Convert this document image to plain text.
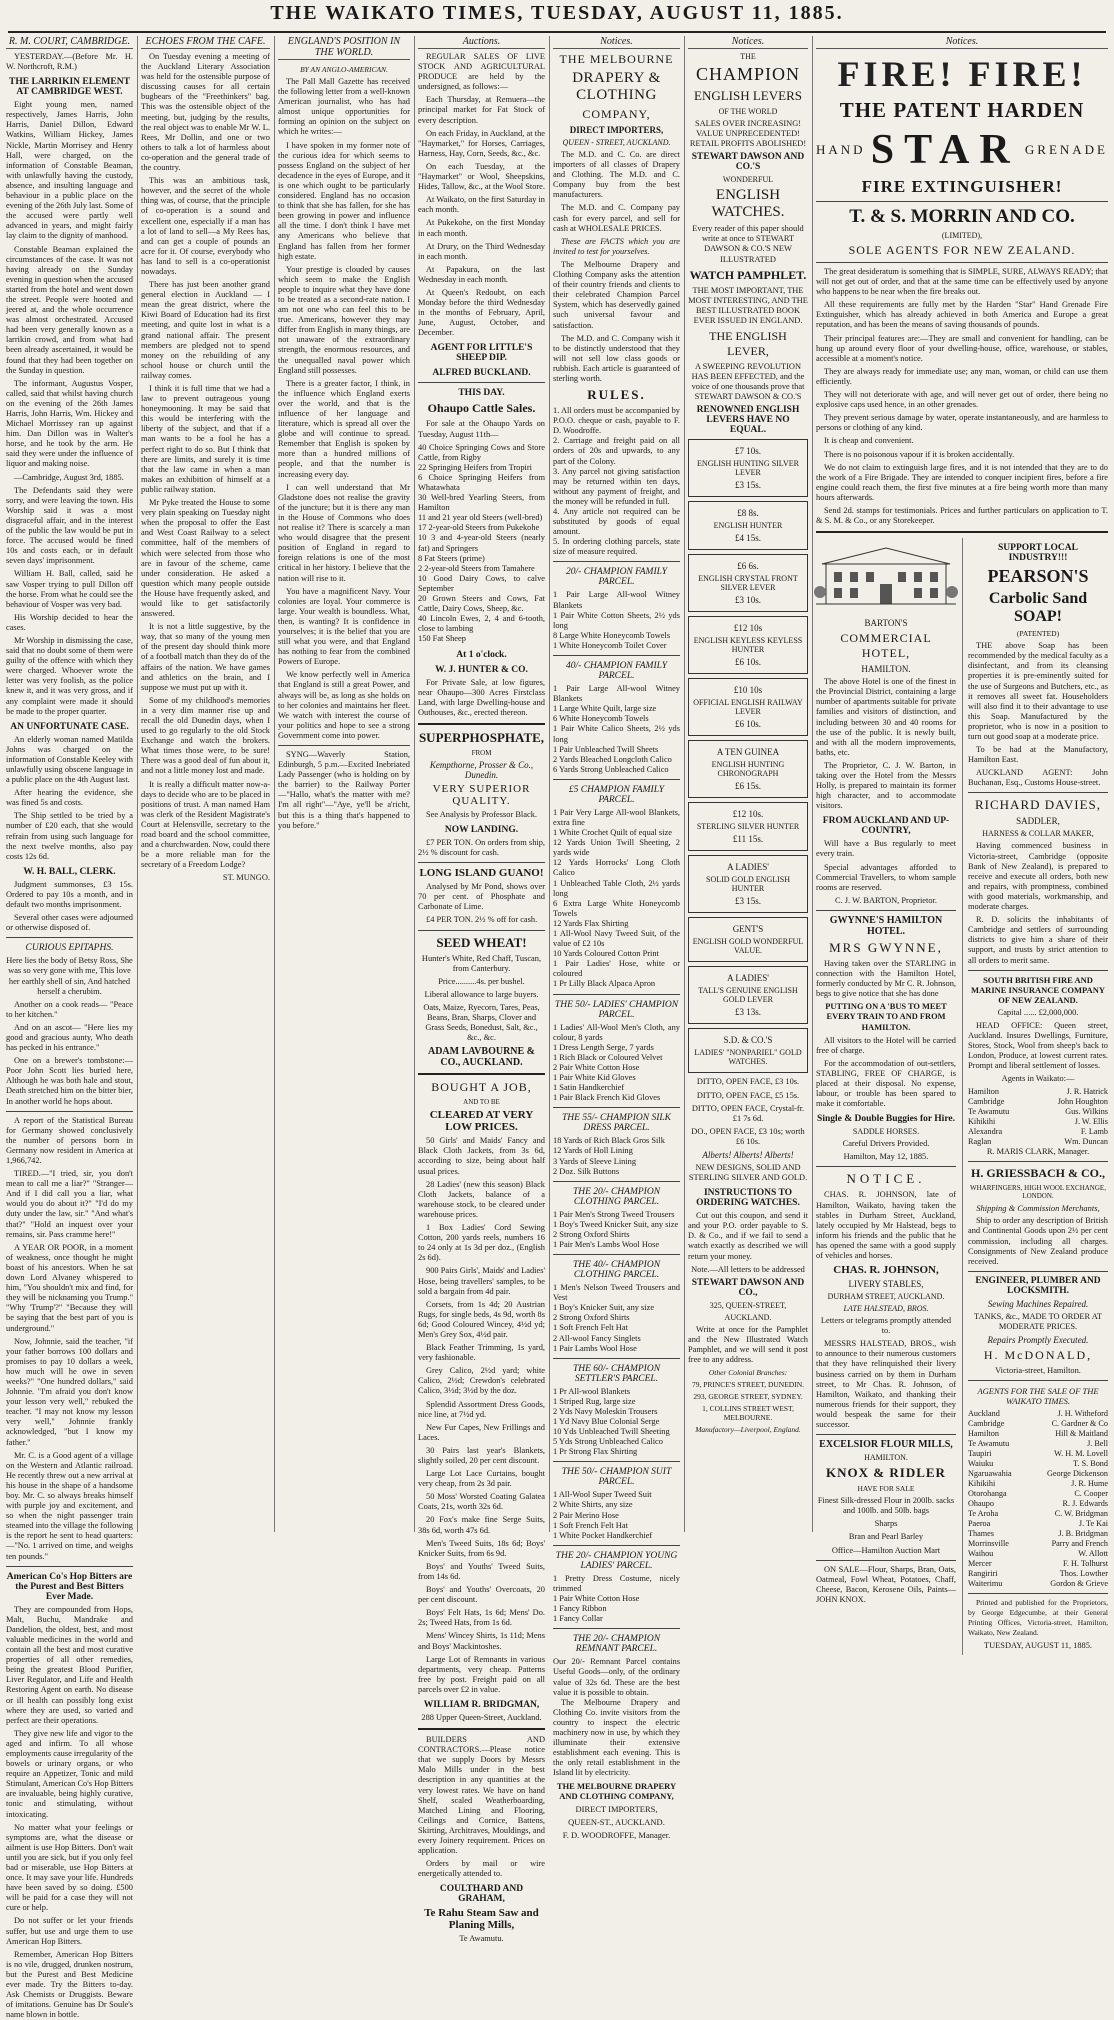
THE WAIKATO TIMES, TUESDAY, AUGUST 11, 1885.
R. M. COURT, CAMBRIDGE.

YESTERDAY.—(Before Mr. H. W. Northcroft, R.M.)

THE LARRIKIN ELEMENT AT CAMBRIDGE WEST.

Eight young men, named respectively, James Harris, John Harris, Daniel Dillon, Edward Watkins, William Hickey, James Nickle, Martin Morrisey and Henry Hall, were charged, on the information of Constable Beaman, with unlawfully having the custody, absence, and insulting language and behaviour in a public place on the evening of the 26th July last. Some of the accused were partly well advanced in years, and might fairly lay claim to the dignity of manhood.

Constable Beaman explained the circumstances of the case. It was not having already on the Sunday evening in question when the accused started from the hotel and went down the street. People were hooted and jeered at, and the whole occurrence was almost orchestrated. Accused had been very generally known as a larrikin crowd, and from what had been already ascertained, it would be found that they had been together on the Sunday in question.

The informant, Augustus Vosper, called, said that whilst having church on the evening of the 26th James Harris, John Harris, Wm. Hickey and Michael Morrissey ran up against him. Dan Dillon was in Walter's horse, and he took by the arm. He said they were under the influence of liquor and making noise.

—Cambridge, August 3rd, 1885.

The Defendants said they were sorry, and were leaving the town. His Worship said it was a most disgraceful affair, and in the interest of the public the law would be put in force. The accused would be fined 10s and costs each, or in default seven days' imprisonment.

William H. Ball, called, said he saw Vosper trying to pull Dillon off the horse. From what he could see the behaviour of Vosper was very bad.

His Worship decided to hear the cases.

Mr Worship in dismissing the case, said that no doubt some of them were guilty of the offence with which they were charged. Whoever wrote the letter was very foolish, as the police knew it, and it was very gross, and if any complaint were made it should be made to the proper quarter.

AN UNFORTUNATE CASE.

An elderly woman named Matilda Johns was charged on the information of Constable Keeley with unlawfully using obscene language in a public place on the 4th August last.

After hearing the evidence, she was fined 5s and costs.

The Ship settled to be tried by a number of £20 each, that she would refrain from using such language for the next twelve months, also pay costs 12s 6d.

W. H. BALL, CLERK.

Judgment summonses, £3 15s. Ordered to pay 10s a month, and in default two months imprisonment.

Several other cases were adjourned or otherwise disposed of.

CURIOUS EPITAPHS.

Here lies the body of Betsy Ross, She was so very gone with me, This love her earthly shell of sin, And hatched herself a cherubim.

Another on a cook reads— "Peace to her kitchen."

And on an ascot— "Here lies my good and gracious aunty, Who death has pecked in his entrance."

One on a brewer's tombstone:— Poor John Scott lies buried here, Although he was both hale and stout, Death stretched him on the bitter bier, In another world he hops about.

A report of the Statistical Bureau for Germany showed conclusively the number of persons born in Germany now resident in America at 1,966,742.

TIRED.—"I tried, sir, you don't mean to call me a liar?" "Stranger—And if I did call you a liar, what would you do about it?" "I'd do my duty under the law, sir." "And what's that?" "Hold an inquest over your remains, sir. Pass cramme here!"

A YEAR OR POOR, in a moment of weakness, once thought he might boast of his ancestors. When he sat down Lord Alvaney whispered to him, "You shouldn't mix and find, for they will be nicknaming you Trump." "Why 'Trump'?" "Because they will be saying that the best part of you is underground."

Now, Johnnie, said the teacher, "if your father borrows 100 dollars and promises to pay 10 dollars a week, how much will he owe in seven weeks?" "One hundred dollars," said Johnnie. "I'm afraid you don't know your lesson very well," rebuked the teacher. "I may not know my lesson very well," Johnnie frankly acknowledged, "but I know my father."

Mr. C. is a Good agent of a village on the Western and Atlantic railroad. He recently threw out a new arrival at his house in the shape of a handsome boy. Mr. C. so always breaks himself with purple joy and excitement, and so when the night passenger train steamed into the village the following is the report he sent to head quarters:—"No. 1 arrived on time, and weighs ten pounds."

American Co's Hop Bitters are the Purest and Best Bitters Ever Made.

They are compounded from Hops, Malt, Buchu, Mandrake and Dandelion, the oldest, best, and most valuable medicines in the world and contain all the best and most curative properties of all other remedies, being the greatest Blood Purifier, Liver Regulator, and Life and Health Restoring Agent on earth. No disease or ill health can possibly long exist where they are used, so varied and perfect are their operations.

They give new life and vigor to the aged and infirm. To all whose employments cause irregularity of the bowels or urinary organs, or who require an Appetizer, Tonic and mild Stimulant, American Co's Hop Bitters are invaluable, being highly curative, tonic and stimulating, without intoxicating.

No matter what your feelings or symptoms are, what the disease or ailment is use Hop Bitters. Don't wait until you are sick, but if you only feel bad or miserable, use Hop Bitters at once. It may save your life. Hundreds have been saved by so doing. £500 will be paid for a case they will not cure or help.

Do not suffer or let your friends suffer, but use and urge them to use American Hop Bitters.

Remember, American Hop Bitters is no vile, drugged, drunken nostrum, but the Purest and Best Medicine ever made. Try the Bitters to-day. Ask Chemists or Druggists. Beware of imitations. Genuine has Dr Soule's name blown in bottle.

ECHOES FROM THE CAFE.

On Tuesday evening a meeting of the Auckland Literary Association was held for the ostensible purpose of discussing causes for all certain bugbears of the "Freethinkers" bag. This was the ostensible object of the meeting, but, judging by the results, the real object was to enable Mr W. L. Rees, Mr Dollin, and one or two others to talk a lot of harmless about co-operation and the general trade of the country.

This was an ambitious task, however, and the secret of the whole thing was, of course, that the principle of co-operation is a sound and excellent one, especially if a man has a lot of land to sell—a My Rees has, and can get a couple of pounds an acre for it. Of course, everybody who has land to sell is a co-operationist nowadays.

There has just been another grand general election in Auckland — I mean the great district, where the Kiwi Board of Education had its first meeting, and quite lost in what is a grand national affair. The present members are pledged not to spend money on the rebuilding of any school house or church until the railway comes.

I think it is full time that we had a law to prevent outrageous young honeymooning. It may be said that this would be interfering with the liberty of the subject, and that if a man wants to be a fool he has a perfect right to do so. But I think that there are limits, and surely it is time that the law came in when a man makes an exhibition of himself at a public railway station.

Mr Pyke treated the House to some very plain speaking on Tuesday night when the proposal to offer the East and West Coast Railway to a select committee, half of the members of which were selected from those who are in favour of the scheme, came under consideration. He asked a question which many people outside the House have frequently asked, and would like to get satisfactorily answered.

It is not a little suggestive, by the way, that so many of the young men of the present day should think more of a football match than they do of the affairs of the nation. We have games and athletics on the brain, and I suppose we must put up with it.

Some of my childhood's memories in a very dim manner rise up and recall the old Dunedin days, when I used to go regularly to the old Stock Exchange and watch the brokers. What times those were, to be sure! There was a good deal of fun about it, and not a little money lost and made.

It is really a difficult matter now-a-days to decide who are to be placed in positions of trust. A man named Ham was clerk of the Resident Magistrate's Court at Helensville, secretary to the road board and the school committee, and a churchwarden. Now, could there be a more reliable man for the secretary of a Freedom Lodge?

ST. MUNGO.

ENGLAND'S POSITION IN THE WORLD.
BY AN ANGLO-AMERICAN.

The Pall Mall Gazette has received the following letter from a well-known American journalist, who has had almost unique opportunities for forming an opinion on the subject on which he writes:—

I have spoken in my former note of the curious idea for which seems to possess England on the subject of her decadence in the eyes of Europe, and it is one which ought to be particularly considered. England has no occasion to think that she has fallen, for she has been growing in power and influence all the time. I don't think I have met any Americans who believe that England has fallen from her former high estate.

Your prestige is clouded by causes which seem to make the English people to inquire what they have done to be treated as a second-rate nation. I am not one who can feel this to be true. Americans, however they may differ from English in many things, are not unaware of the extraordinary strength, the enormous resources, and the unequalled naval power which England still possesses.

There is a greater factor, I think, in the influence which England exerts over the world, and that is the influence of her language and literature, which is spread all over the globe and will continue to spread. Remember that English is spoken by more than a hundred millions of people, and that the number is increasing every day.

I can well understand that Mr Gladstone does not realise the gravity of the juncture; but it is there any man in the House of Commons who does not realise it? There is scarcely a man who would disagree that the present position of England in regard to foreign relations is one of the most critical in her history. I believe that the nation will rise to it.

You have a magnificent Navy. Your colonies are loyal. Your commerce is large. Your wealth is boundless. What, then, is wanting? It is confidence in yourselves; it is the belief that you are still what you were, and that England has nothing to fear from the combined Powers of Europe.

We know perfectly well in America that England is still a great Power, and always will be, as long as she holds on to her colonies and maintains her fleet. We watch with interest the course of your politics and hope to see a strong Government come into power.

SYNG—Waverly Station, Edinburgh, 5 p.m.—Excited Inebriated Lady Passenger (who is holding on by the barrier) to the Railway Porter—"Hallo, what's the matter with me? I'm all right"—"Aye, ye'll be a'richt, but this is a thing that's happened to you before."

Auctions.

REGULAR SALES OF LIVE STOCK AND AGRICULTURAL PRODUCE are held by the undersigned, as follows:—

Each Thursday, at Remuera—the principal market for Fat Stock of every description.

On each Friday, in Auckland, at the "Haymarket," for Horses, Carriages, Harness, Hay, Corn, Seeds, &c., &c.

On each Tuesday, at the "Haymarket" or Wool, Sheepskins, Hides, Tallow, &c., at the Wool Store.

At Waikato, on the first Saturday in each month.

At Pukekohe, on the first Monday in each month.

At Drury, on the Third Wednesday in each month.

At Papakura, on the last Wednesday in each month.

At Queen's Redoubt, on each Monday before the third Wednesday in the months of February, April, June, August, October, and December.

AGENT FOR LITTLE'S SHEEP DIP.
ALFRED BUCKLAND.
THIS DAY.
Ohaupo Cattle Sales.

For sale at the Ohaupo Yards on Tuesday, August 11th—

40 Choice Springing Cows and Store Cattle, from Rigby

22 Springing Heifers from Tropiri

6 Choice Springing Heifers from Whatawhata

30 Well-bred Yearling Steers, from Hamilton

11 and 21 year old Steers (well-bred)

17 2-year-old Steers from Pukekohe

10 3 and 4-year-old Steers (nearly fat) and Springers

8 Fat Steers (prime)

2 2-year-old Steers from Tamahere

10 Good Dairy Cows, to calve September

20 Grown Steers and Cows, Fat Cattle, Dairy Cows, Sheep, &c.

40 Lincoln Ewes, 2, 4 and 6-tooth, close to lambing

150 Fat Sheep

At 1 o'clock.
W. J. HUNTER & CO.

For Private Sale, at low figures, near Ohaupo—300 Acres Firstclass Land, with large Dwelling-house and Outhouses, &c., erected thereon.

SUPERPHOSPHATE,
FROM
Kempthorne, Prosser & Co., Dunedin.
VERY SUPERIOR QUALITY.

See Analysis by Professor Black.

NOW LANDING.

£7 PER TON. On orders from ship, 2½ % discount for cash.

LONG ISLAND GUANO!

Analysed by Mr Pond, shows over 70 per cent. of Phosphate and Carbonate of Lime.

£4 PER TON. 2½ % off for cash.

SEED WHEAT!

Hunter's White, Red Chaff, Tuscan, from Canterbury.

Price..........4s. per bushel.

Liberal allowance to large buyers.

Oats, Maize, Ryecorn, Tares, Peas, Beans, Bran, Sharps, Clover and Grass Seeds, Bonedust, Salt, &c., &c., &c.

ADAM LAVBOURNE & CO., AUCKLAND.
BOUGHT A JOB,
AND TO BE
CLEARED AT VERY LOW PRICES.

50 Girls' and Maids' Fancy and Black Cloth Jackets, from 3s 6d, according to size, being about half usual prices.

28 Ladies' (new this season) Black Cloth Jackets, balance of a warehouse stock, to be cleared under warehouse prices.

1 Box Ladies' Cord Sewing Cotton, 200 yards reels, numbers 16 to 24 only at 1s 3d per doz., (English 2s 6d).

900 Pairs Girls', Maids' and Ladies' Hose, being travellers' samples, to be sold a bargain from 4d pair.

Corsets, from 1s 4d; 20 Austrian Rugs, for single beds, 4s 9d, worth 8s 6d; Good Coloured Wincey, 4½d yd; Men's Grey Sox, 4½d pair.

Black Feather Trimming, 1s yard, very fashionable.

Grey Calico, 2½d yard; white Calico, 2½d; Crewdon's celebrated Calico, 3½d; 3½d by the doz.

Splendid Assortment Dress Goods, nice line, at 7½d yd.

New Fur Capes, New Frillings and Laces.

30 Pairs last year's Blankets, slightly soiled, 20 per cent discount.

Large Lot Lace Curtains, bought very cheap, from 2s 3d pair.

50 Moss' Worsted Coating Galatea Coats, 21s, worth 32s 6d.

20 Fox's make fine Serge Suits, 38s 6d, worth 47s 6d.

Men's Tweed Suits, 18s 6d; Boys' Knicker Suits, from 6s 9d.

Boys' and Youths' Tweed Suits, from 14s 6d.

Boys' and Youths' Overcoats, 20 per cent discount.

Boys' Felt Hats, 1s 6d; Mens' Do. 2s; Tweed Hats, from 1s 6d.

Mens' Wincey Shirts, 1s 11d; Mens and Boys' Mackintoshes.

Large Lot of Remnants in various departments, very cheap. Patterns free by post. Freight paid on all parcels over £2 in value.

WILLIAM R. BRIDGMAN,

288 Upper Queen-Street, Auckland.

BUILDERS AND CONTRACTORS.—Please notice that we supply Doors by Messrs Malo Mills under in the best description in any quantities at the very lowest rates. We have on hand Shelf, scaled Weatherboarding, Matched Lining and Flooring, Ceilings and Cornice, Battens, Skirting, Architraves, Mouldings, and every Joinery requirement. Prices on application.

Orders by mail or wire energetically attended to.

COULTHARD AND GRAHAM,
Te Rahu Steam Saw and Planing Mills,

Te Awamutu.

Notices.
THE MELBOURNE
DRAPERY & CLOTHING
COMPANY,
DIRECT IMPORTERS,
QUEEN - STREET, AUCKLAND.

The M.D. and C. Co. are direct importers of all classes of Drapery and Clothing. The M.D. and C. Company buy from the best manufacturers.

The M.D. and C. Company pay cash for every parcel, and sell for cash at WHOLESALE PRICES.

These are FACTS which you are invited to test for yourselves.

The Melbourne Drapery and Clothing Company asks the attention of their country friends and clients to their celebrated Champion Parcel System, which has deservedly gained such universal favour and satisfaction.

The M.D. and C. Company wish it to be distinctly understood that they will not sell low class goods or rubbish. Each article is guaranteed of sterling worth.

RULES.

1. All orders must be accompanied by P.O.O. cheque or cash, payable to F. D. Woodroffe.

2. Carriage and freight paid on all orders of 20s and upwards, to any part of the Colony.

3. Any parcel not giving satisfaction may be returned within ten days, without any payment of freight, and the money will be refunded in full.

4. Any article not required can be substituted by goods of equal amount.

5. In ordering clothing parcels, state size of measure required.

20/- CHAMPION FAMILY PARCEL.

1 Pair Large All-wool Witney Blankets

1 Pair White Cotton Sheets, 2½ yds long

8 Large White Honeycomb Towels

1 White Honeycomb Toilet Cover

40/- CHAMPION FAMILY PARCEL.

1 Pair Large All-wool Witney Blankets

1 Large White Quilt, large size

6 White Honeycomb Towels

1 Pair White Calico Sheets, 2½ yds long

1 Pair Unbleached Twill Sheets

2 Yards Bleached Longcloth Calico

6 Yards Strong Unbleached Calico

£5 CHAMPION FAMILY PARCEL.

1 Pair Very Large All-wool Blankets, extra fine

1 White Crochet Quilt of equal size

12 Yards Union Twill Sheeting, 2 yards wide

12 Yards Horrocks' Long Cloth Calico

1 Unbleached Table Cloth, 2½ yards long

6 Extra Large White Honeycomb Towels

12 Yards Flax Shirting

1 All-Wool Navy Tweed Suit, of the value of £2 10s

10 Yards Coloured Cotton Print

1 Pair Ladies' Hose, white or coloured

1 Pr Lilly Black Alpaca Apron

THE 50/- LADIES' CHAMPION PARCEL.

1 Ladies' All-Wool Men's Cloth, any colour, 8 yards

1 Dress Length Serge, 7 yards

1 Rich Black or Coloured Velvet

2 Pair White Cotton Hose

1 Pair White Kid Gloves

1 Satin Handkerchief

1 Pair Black French Kid Gloves

THE 55/- CHAMPION SILK DRESS PARCEL.

18 Yards of Rich Black Gros Silk

12 Yards of Holl Lining

3 Yards of Sleeve Lining

2 Doz. Silk Buttons

THE 20/- CHAMPION CLOTHING PARCEL.

1 Pair Men's Strong Tweed Trousers

1 Boy's Tweed Knicker Suit, any size

2 Strong Oxford Shirts

1 Pair Men's Lambs Wool Hose

THE 40/- CHAMPION CLOTHING PARCEL.

1 Men's Nelson Tweed Trousers and Vest

1 Boy's Knicker Suit, any size

2 Strong Oxford Shirts

1 Soft French Felt Hat

2 All-wool Fancy Singlets

1 Pair Lambs Wool Hose

THE 60/- CHAMPION SETTLER'S PARCEL.

1 Pr All-wool Blankets

1 Striped Rug, large size

2 Yds Navy Moleskin Trousers

1 Yd Navy Blue Colonial Serge

10 Yds Unbleached Twill Sheeting

5 Yds Strong Unbleached Calico

1 Pr Strong Flax Shirting

THE 50/- CHAMPION SUIT PARCEL.

1 All-Wool Super Tweed Suit

2 White Shirts, any size

2 Pair Merino Hose

1 Soft French Felt Hat

1 White Pocket Handkerchief

THE 20/- CHAMPION YOUNG LADIES' PARCEL.

1 Pretty Dress Costume, nicely trimmed

1 Pair White Cotton Hose

1 Fancy Ribbon

1 Fancy Collar

THE 20/- CHAMPION REMNANT PARCEL.

Our 20/- Remnant Parcel contains Useful Goods—only, of the ordinary value of 32s 6d. These are the best value it is possible to obtain.

The Melbourne Drapery and Clothing Co. invite visitors from the country to inspect the electric machinery now in use, by which they illuminate their extensive establishment each evening. This is the only retail establishment in the Island lit by electricity.

THE MELBOURNE DRAPERY AND CLOTHING COMPANY,
DIRECT IMPORTERS,
QUEEN-ST., AUCKLAND.
F. D. WOODROFFE, Manager.
Notices.
THE
CHAMPION
ENGLISH LEVERS
OF THE WORLD

SALES OVER INCREASING! VALUE UNPRECEDENTED! RETAIL PROFITS ABOLISHED!

STEWART DAWSON AND CO.'S
WONDERFUL
ENGLISH WATCHES.

Every reader of this paper should write at once to STEWART DAWSON & CO.'S NEW ILLUSTRATED

WATCH PAMPHLET.

THE MOST IMPORTANT, THE MOST INTERESTING, AND THE BEST ILLUSTRATED BOOK EVER ISSUED IN ENGLAND.

THE ENGLISH LEVER,

A SWEEPING REVOLUTION HAS BEEN EFFECTED, and the voice of one thousands prove that STEWART DAWSON & CO.'S

RENOWNED ENGLISH LEVERS HAVE NO EQUAL.
£7 10s.
ENGLISH HUNTING SILVER LEVER
£3 15s.
£8 8s.
ENGLISH HUNTER
£4 15s.
£6 6s.
ENGLISH CRYSTAL FRONT SILVER LEVER
£3 10s.
£12 10s
ENGLISH KEYLESS KEYLESS HUNTER
£6 10s.
£10 10s
OFFICIAL ENGLISH RAILWAY LEVER
£6 10s.
A TEN GUINEA
ENGLISH HUNTING CHRONOGRAPH
£6 15s.
£12 10s.
STERLING SILVER HUNTER
£11 15s.
A LADIES'
SOLID GOLD ENGLISH HUNTER
£3 15s.
GENT'S
ENGLISH GOLD WONDERFUL VALUE.
A LADIES'
TALL'S GENUINE ENGLISH GOLD LEVER
£3 13s.
S.D. & CO.'S
LADIES' "NONPARIEL" GOLD WATCHES.

DITTO, OPEN FACE, £3 10s.

DITTO, OPEN FACE, £5 15s.

DITTO, OPEN FACE, Crystal-fr. £1 7s 6d.

DO., OPEN FACE, £3 10s; worth £6 10s.

Alberts! Alberts! Alberts!

NEW DESIGNS, SOLID AND STERLING SILVER AND GOLD.

INSTRUCTIONS TO ORDERING WATCHES.

Cut out this coupon, and send it and your P.O. order payable to S. D. & Co., and if we fail to send a watch exactly as described we will return your money.

Note.—All letters to be addressed

STEWART DAWSON AND CO.,
325, QUEEN-STREET,
AUCKLAND.

Write at once for the Pamphlet and the New Illustrated Watch Pamphlet, and we will send it post free to any address.

Other Colonial Branches:
79, PRINCE'S STREET, DUNEDIN.
293, GEORGE STREET, SYDNEY.
1, COLLINS STREET WEST, MELBOURNE.
Manufactory—Liverpool, England.
Notices.
FIRE! FIRE!
THE PATENT HARDEN
HAND STAR GRENADE
FIRE EXTINGUISHER!
T. & S. MORRIN AND CO.
(LIMITED),
SOLE AGENTS FOR NEW ZEALAND.

The great desideratum is something that is SIMPLE, SURE, ALWAYS READY; that will not get out of order, and that at the same time can be effectively used by anyone who happens to be near when the fire breaks out.

All these requirements are fully met by the Harden "Star" Hand Grenade Fire Extinguisher, which has already achieved in both America and Europe a great reputation, and has been the means of saving thousands of pounds.

Their principal features are:—They are small and convenient for handling, can be hung up around every floor of your dwelling-house, office, warehouse, or stables, accessible at a moment's notice.

They are always ready for immediate use; any man, woman, or child can use them efficiently.

They will not deteriorate with age, and will never get out of order, there being no explosive caps used hence, in an other grenades.

They prevent serious damage by water, operate instantaneously, and are harmless to persons or clothing of any kind.

It is cheap and convenient.

There is no poisonous vapour if it is broken accidentally.

We do not claim to extinguish large fires, and it is not intended that they are to do the work of a Fire Brigade. They are intended to conquer incipient fires, before a fire engine could reach them, the first five minutes at a fire being worth more than many hours afterwards.

Send 2d. stamps for testimonials. Prices and further particulars on application to T. & S. M. & Co., or any Storekeeper.

BARTON'S
COMMERCIAL HOTEL,
HAMILTON.

The above Hotel is one of the finest in the Provincial District, containing a large number of apartments suitable for private families and visitors of distinction, and including between 30 and 40 rooms for the use of the public. It is newly built, and with all the modern improvements, baths, etc.

The Proprietor, C. J. W. Barton, in taking over the Hotel from the Messrs Holly, is prepared to maintain its former high character, and to accommodate visitors.

FROM AUCKLAND AND UP-COUNTRY,

Will have a Bus regularly to meet every train.

Special advantages afforded to Commercial Travellers, to whom sample rooms are reserved.

C. J. W. BARTON, Proprietor.

GWYNNE'S HAMILTON HOTEL.
MRS GWYNNE,

Having taken over the STARLING in connection with the Hamilton Hotel, formerly conducted by Mr C. R. Johnson, begs to give notice that she has done

PUTTING ON A 'BUS TO MEET EVERY TRAIN TO AND FROM HAMILTON.

All visitors to the Hotel will be carried free of charge.

For the accommodation of out-settlers, STABLING, FREE OF CHARGE, is placed at their disposal. No expense, labour, or trouble has been spared to make it comfortable.

Single & Double Buggies for Hire.
SADDLE HORSES.

Careful Drivers Provided.

Hamilton, May 12, 1885.

NOTICE.

CHAS. R. JOHNSON, late of Hamilton, Waikato, having taken the stables in Durham Street, Auckland, lately occupied by Mr Halstead, begs to inform his friends and the public that he has opened the same with a good supply of vehicles and horses.

CHAS. R. JOHNSON,
LIVERY STABLES,
DURHAM STREET, AUCKLAND.
LATE HALSTEAD, BROS.

Letters or telegrams promptly attended to.

MESSRS HALSTEAD, BROS., wish to announce to their numerous customers that they have relinquished their livery business carried on by them in Durham street, to Mr Chas. R. Johnson, of Hamilton, Waikato, and thanking their numerous friends for their support, they would bespeak the same for their successor.

EXCELSIOR FLOUR MILLS,
HAMILTON.
KNOX & RIDLER
HAVE FOR SALE

Finest Silk-dressed Flour in 200lb. sacks and 100lb. and 50lb. bags

Sharps

Bran and Pearl Barley

Office—Hamilton Auction Mart

ON SALE—Flour, Sharps, Bran, Oats, Oatmeal, Fowl Wheat, Potatoes, Chaff, Cheese, Bacon, Kerosene Oils, Paints—JOHN KNOX.

SUPPORT LOCAL INDUSTRY!!!
PEARSON'S
Carbolic Sand SOAP!
(PATENTED)

THE above Soap has been recommended by the medical faculty as a disinfectant, and from its cleansing properties it is pre-eminently suited for the use of Surgeons and Butchers, etc., as it removes all sweet fat. Householders will also find it to their advantage to use this Soap. Manufactured by the proprietor, who is now in a position to turn out good soap at a moderate price.

To be had at the Manufactory, Hamilton East.

AUCKLAND AGENT: John Buchanan, Esq., Customs House-street.

RICHARD DAVIES,
SADDLER,
HARNESS & COLLAR MAKER,

Having commenced business in Victoria-street, Cambridge (opposite Bank of New Zealand), is prepared to receive and execute all orders, both new and repairs, with promptness, combined with good materials, workmanship, and moderate charges.

R. D. solicits the inhabitants of Cambridge and settlers of surrounding districts to give him a share of their support, and trusts by strict attention to all orders to merit same.

SOUTH BRITISH FIRE AND MARINE INSURANCE COMPANY OF NEW ZEALAND.

Capital ...... £2,000,000.

HEAD OFFICE: Queen street, Auckland. Insures Dwellings, Furniture, Stores, Stock, Wool from sheep's back to London, Produce, at lowest current rates. Prompt and liberal settlement of losses.

Agents in Waikato:—

Hamilton	J. R. Hatrick
Cambridge	John Houghton
Te Awamutu	Gus. Wilkins
Kihikihi	J. W. Ellis
Alexandra	F. Lamb
Raglan	Wm. Duncan

R. MARIS CLARK, Manager.

H. GRIESSBACH & CO.,
WHARFINGERS, HIGH WOOL EXCHANGE, LONDON.
Shipping & Commission Merchants,

Ship to order any description of British and Continental Goods upon 2½ per cent commission, including all charges. Consignments of New Zealand produce received.

ENGINEER, PLUMBER AND LOCKSMITH.
Sewing Machines Repaired.

TANKS, &c., MADE TO ORDER AT MODERATE PRICES.

Repairs Promptly Executed.
H. McDONALD,

Victoria-street, Hamilton.

AGENTS FOR THE SALE OF THE WAIKATO TIMES.
Auckland	J. H. Witheford
Cambridge	C. Gardner & Co
Hamilton	Hill & Maitland
Te Awamutu	J. Bell
Taupiri	W. H. M. Lovell
Waiuku	T. S. Bond
Ngaruawahia	George Dickenson
Kihikihi	J. R. Hume
Otorohanga	C. Cooper
Ohaupo	R. J. Edwards
Te Aroha	C. W. Bridgman
Paeroa	J. Te Kai
Thames	J. B. Bridgman
Morrinsville	Parry and French
Waihou	W. Allott
Mercer	F. H. Tolhurst
Rangiriri	Thos. Lowther
Waiterimu	Gordon & Grieve

Printed and published for the Proprietors, by George Edgecumbe, at their General Printing Offices, Victoria-street, Hamilton, Waikato, New Zealand.

TUESDAY, AUGUST 11, 1885.
